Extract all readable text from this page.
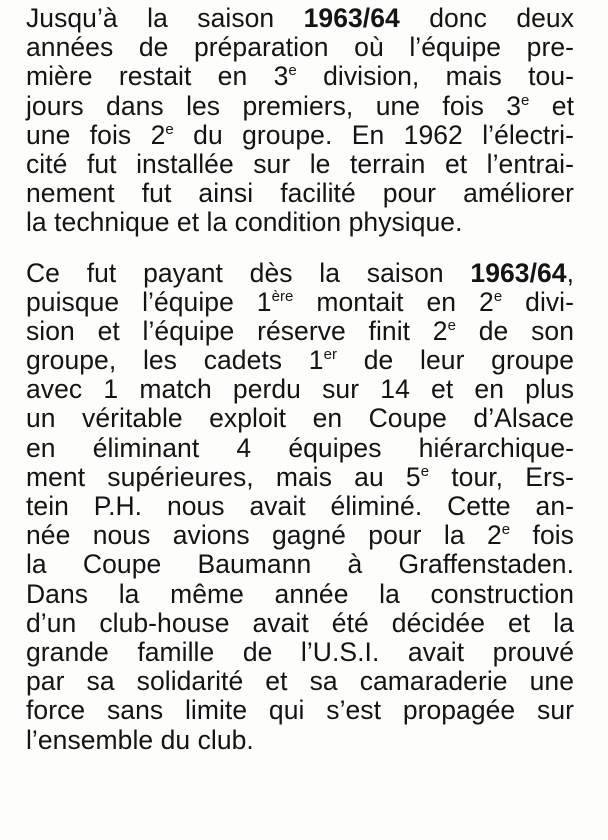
Jusqu’à la saison 1963/64 donc deux
années de préparation où l’équipe pre-
mière restait en 3e division, mais tou-
jours dans les premiers, une fois 3e et
une fois 2e du groupe. En 1962 l’électri-
cité fut installée sur le terrain et l’entrai-
nement fut ainsi facilité pour améliorer
la technique et la condition physique.

Ce fut payant dès la saison 1963/64,
puisque l’équipe 1ère montait en 2e divi-
sion et l’équipe réserve finit 2e de son
groupe, les cadets 1er de leur groupe
avec 1 match perdu sur 14 et en plus
un véritable exploit en Coupe d’Alsace
en éliminant 4 équipes hiérarchique-
ment supérieures, mais au 5e tour, Ers-
tein P.H. nous avait éliminé. Cette an-
née nous avions gagné pour la 2e fois
la Coupe Baumann à Graffenstaden.
Dans la même année la construction
d’un club-house avait été décidée et la
grande famille de l’U.S.I. avait prouvé
par sa solidarité et sa camaraderie une
force sans limite qui s’est propagée sur
l’ensemble du club.
